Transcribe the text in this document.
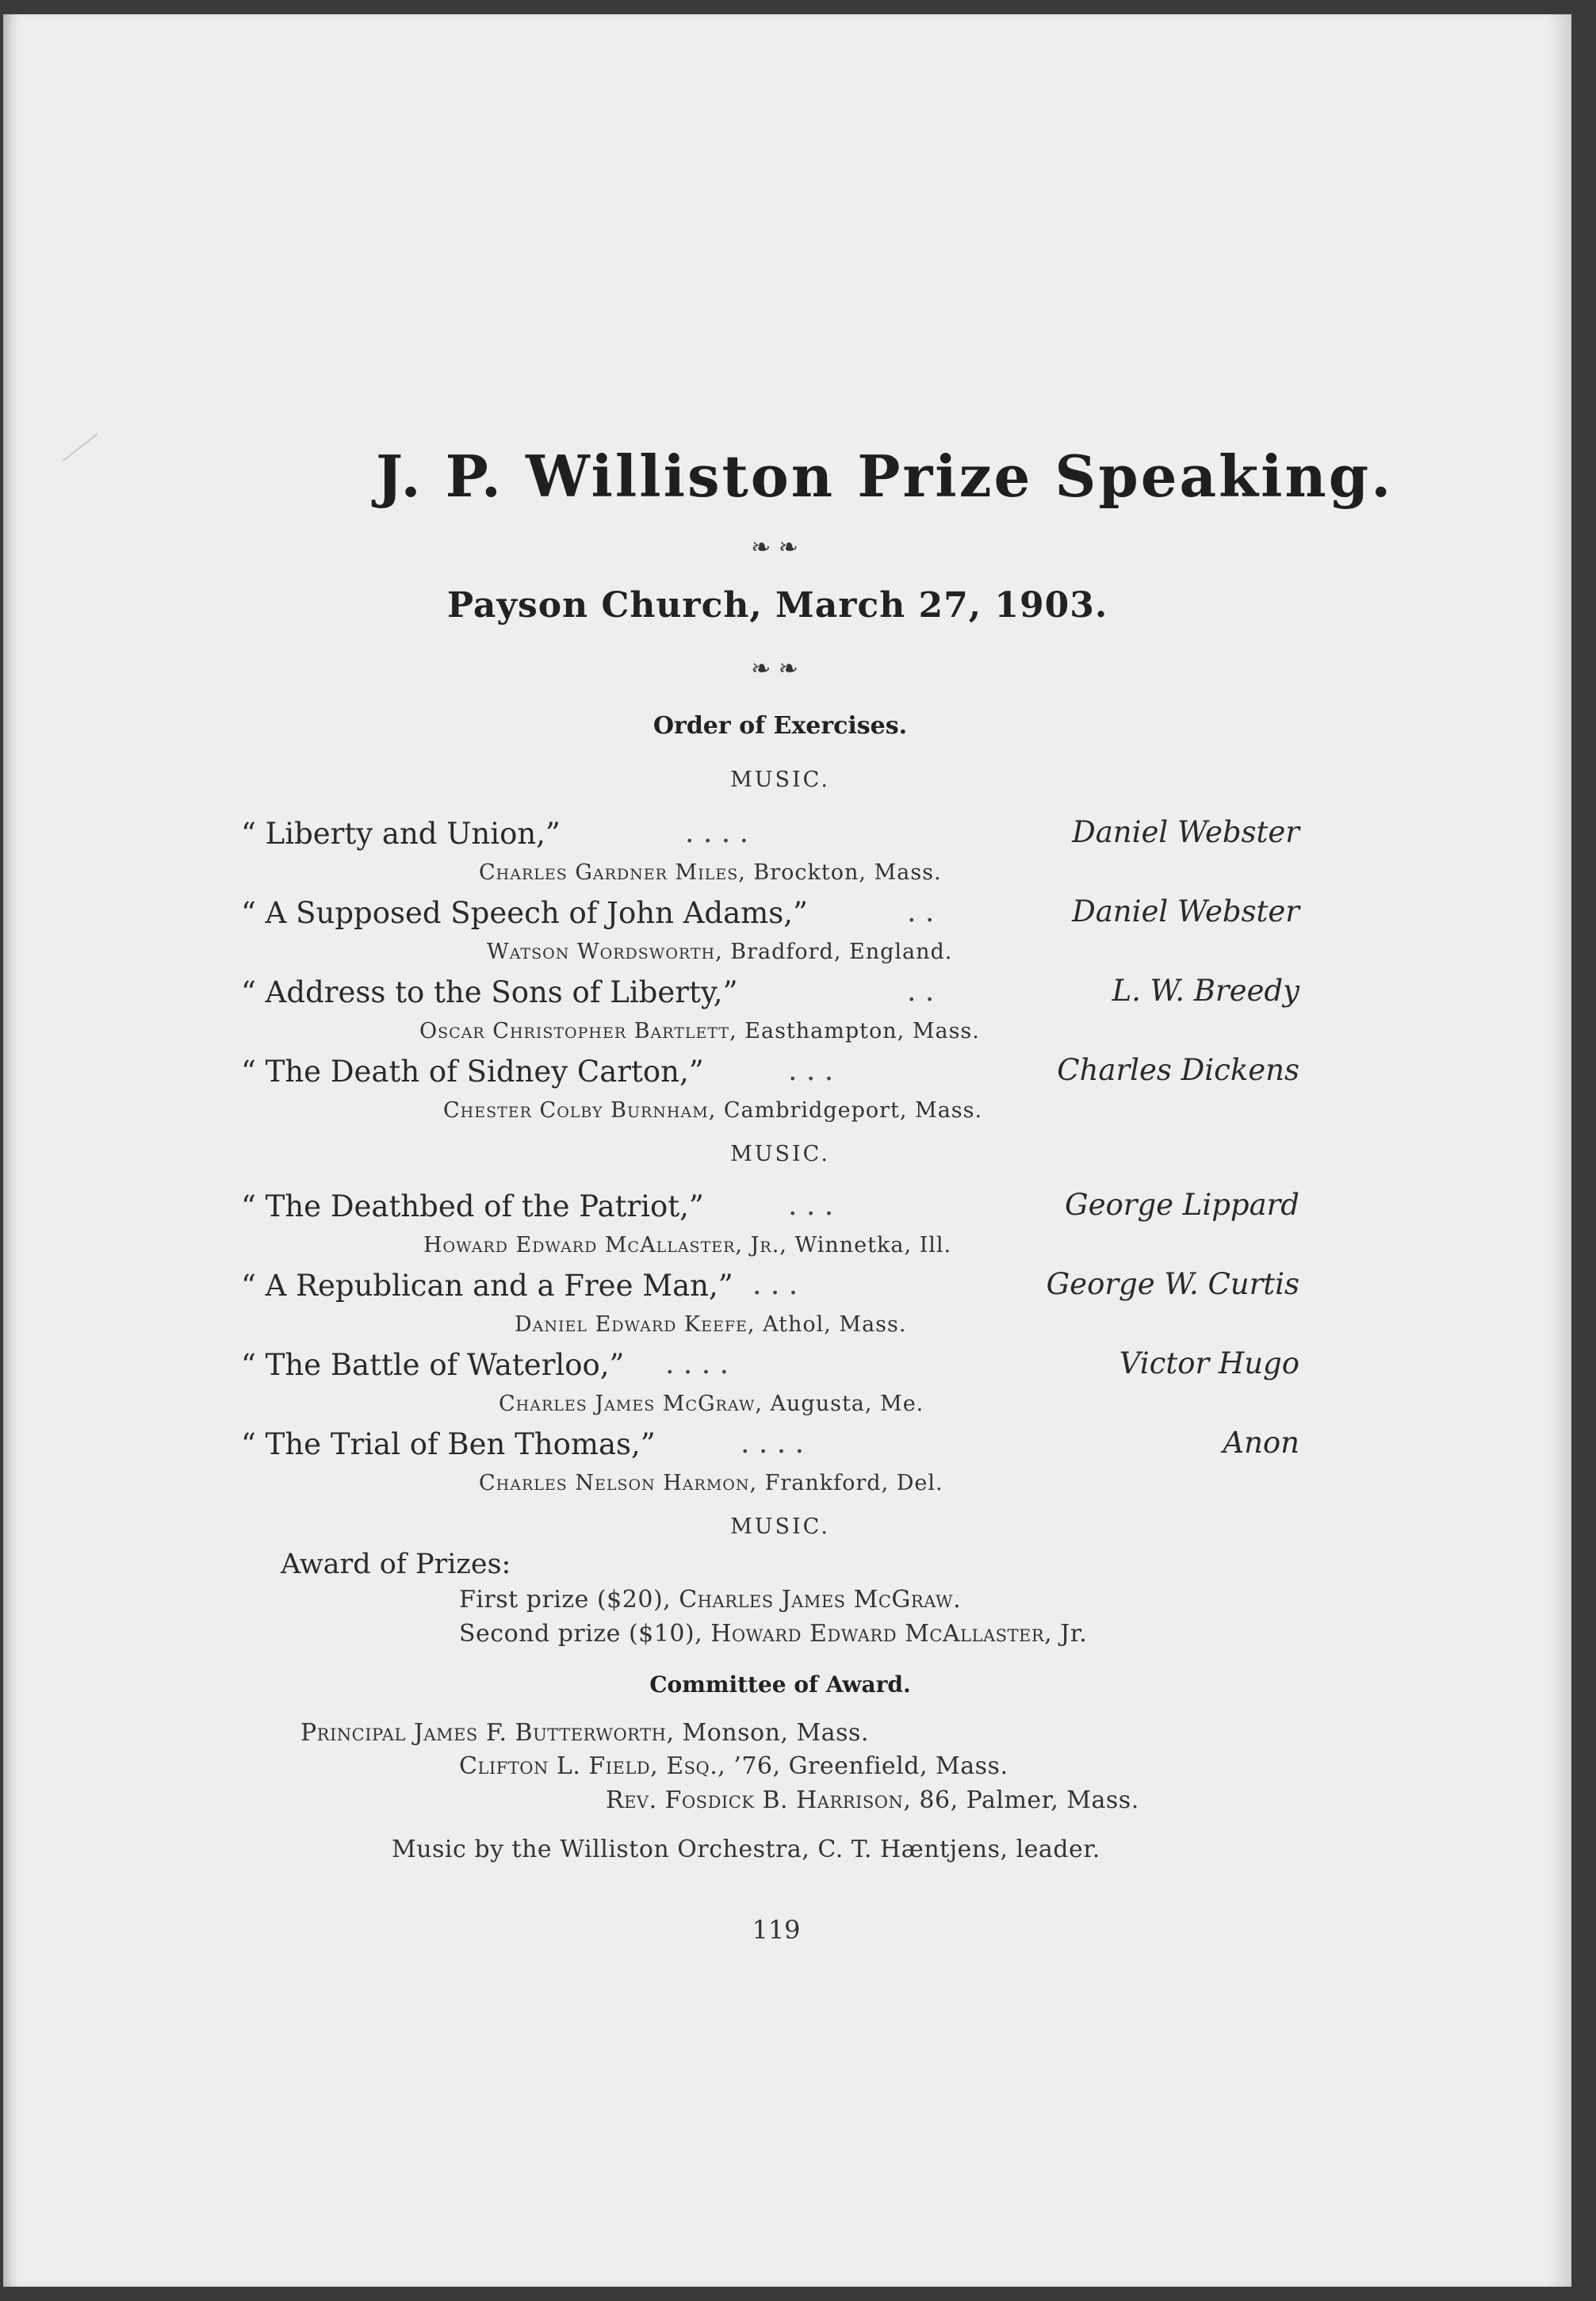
J. P. Williston Prize Speaking.
❧ ❧
Payson Church, March 27, 1903.
❧ ❧
Order of Exercises.
MUSIC.
“ Liberty and Union,”	. . . .	Daniel Webster
Charles Gardner Miles, Brockton, Mass.
“ A Supposed Speech of John Adams,”	. .	Daniel Webster
Watson Wordsworth, Bradford, England.
“ Address to the Sons of Liberty,”	. .	L. W. Breedy
Oscar Christopher Bartlett, Easthampton, Mass.
“ The Death of Sidney Carton,”	. . .	Charles Dickens
Chester Colby Burnham, Cambridgeport, Mass.
MUSIC.
“ The Deathbed of the Patriot,”	. . .	George Lippard
Howard Edward McAllaster, Jr., Winnetka, Ill.
“ A Republican and a Free Man,” . . .	George W. Curtis
Daniel Edward Keefe, Athol, Mass.
“ The Battle of Waterloo,” . . . .	Victor Hugo
Charles James McGraw, Augusta, Me.
“ The Trial of Ben Thomas,”	. . . .	Anon
Charles Nelson Harmon, Frankford, Del.
MUSIC.
Award of Prizes:
First prize ($20), Charles James McGraw.
Second prize ($10), Howard Edward McAllaster, Jr.
Committee of Award.
Principal James F. Butterworth, Monson, Mass.
Clifton L. Field, Esq., ’76, Greenfield, Mass.
Rev. Fosdick B. Harrison, 86, Palmer, Mass.
Music by the Williston Orchestra, C. T. Hæntjens, leader.
119
